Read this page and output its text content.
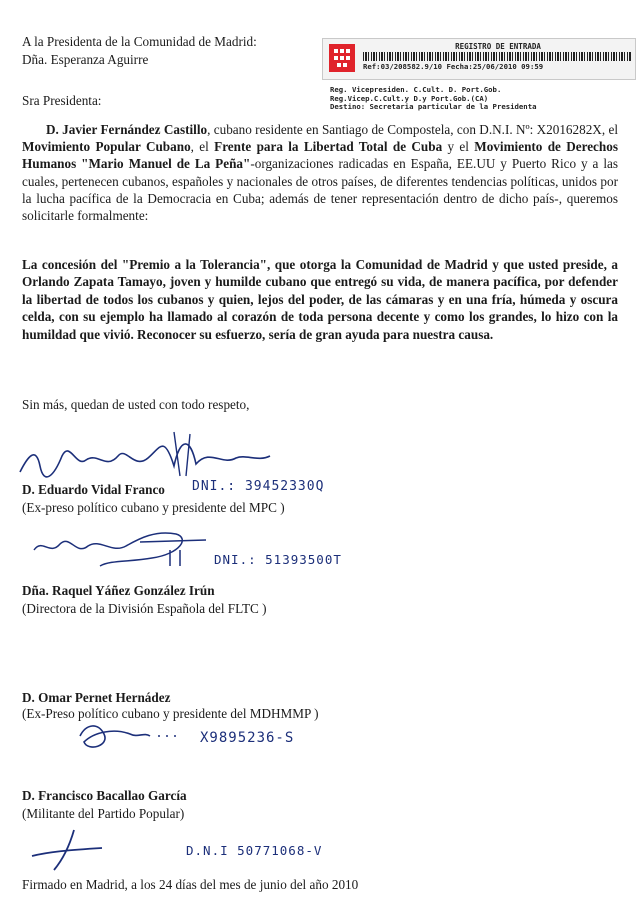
A la Presidenta de la Comunidad de Madrid:
Dña. Esperanza Aguirre
REGISTRO DE ENTRADA
Ref:03/208582.9/10 Fecha:25/06/2010 09:59
Reg. Vicepresiden. C.Cult. D. Port.Gob.
Reg.Vicep.C.Cult.y D.y Port.Gob.(CA)
Destino: Secretaria particular de la Presidenta
Sra Presidenta:
D. Javier Fernández Castillo, cubano residente en Santiago de Compostela, con D.N.I. Nº: X2016282X, el Movimiento Popular Cubano, el Frente para la Libertad Total de Cuba y el Movimiento de Derechos Humanos "Mario Manuel de La Peña"-organizaciones radicadas en España, EE.UU y Puerto Rico y a las cuales, pertenecen cubanos, españoles y nacionales de otros países, de diferentes tendencias políticas, unidos por la lucha pacífica de la Democracia en Cuba; además de tener representación dentro de dicho país-, queremos solicitarle formalmente:
La concesión del "Premio a la Tolerancia", que otorga la Comunidad de Madrid y que usted preside, a Orlando Zapata Tamayo, joven y humilde cubano que entregó su vida, de manera pacífica, por defender la libertad de todos los cubanos y quien, lejos del poder, de las cámaras y en una fría, húmeda y oscura celda, con su ejemplo ha llamado al corazón de toda persona decente y como los grandes, lo hizo con la humildad que vivió. Reconocer su esfuerzo, sería de gran ayuda para nuestra causa.
Sin más, quedan de usted con todo respeto,
D. Eduardo Vidal Franco DNI.: 39452330Q
(Ex-preso político cubano y presidente del MPC )
DNI.: 51393500T
Dña. Raquel Yáñez González Irún
(Directora de la División Española del FLTC )
D. Omar Pernet Hernádez
(Ex-Preso político cubano y presidente del MDHMMP )
X9895236-S
D. Francisco Bacallao García
(Militante del Partido Popular)
D.N.I 50771068-V
Firmado en Madrid, a los 24 días del mes de junio del año 2010
